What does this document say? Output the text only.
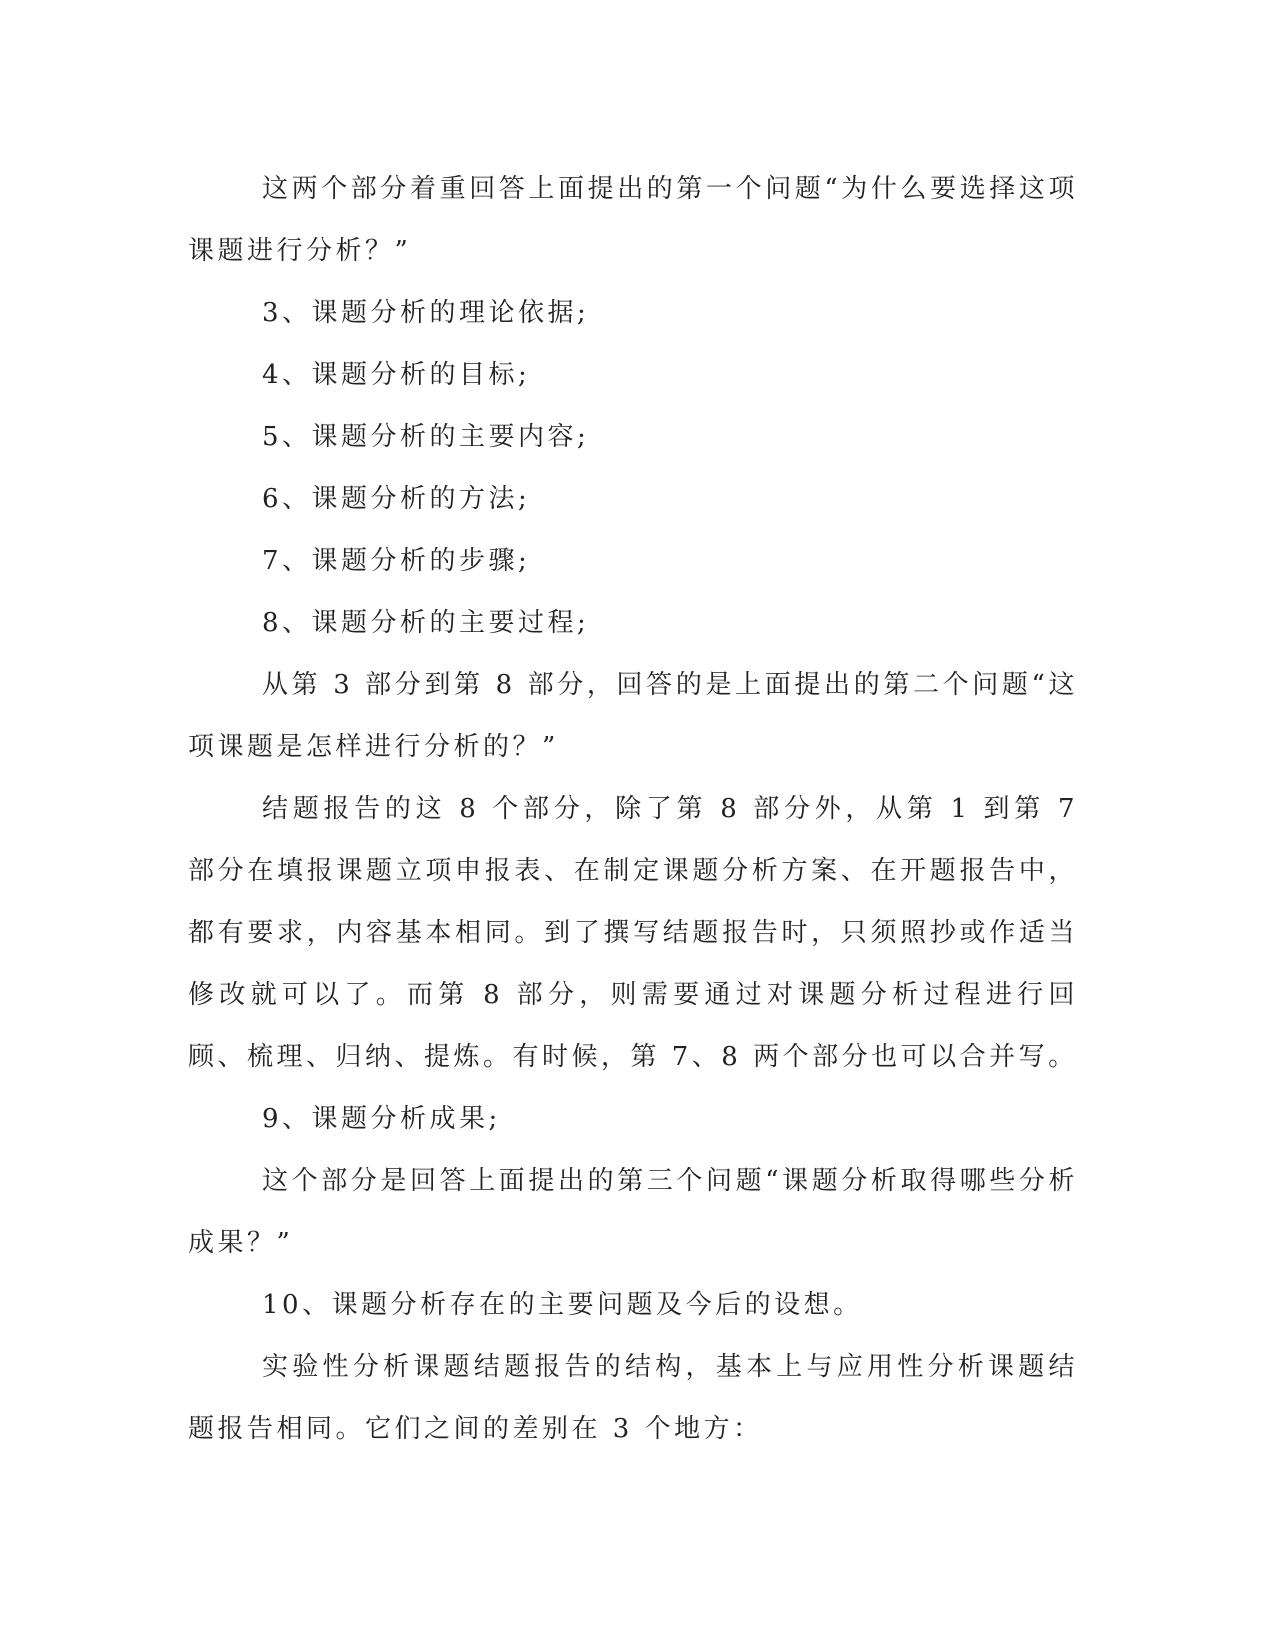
这两个部分着重回答上面提出的第一个问题“为什么要选择这项课题进行分析？”

3、课题分析的理论依据;

4、课题分析的目标;

5、课题分析的主要内容;

6、课题分析的方法;

7、课题分析的步骤;

8、课题分析的主要过程;

从第 3 部分到第 8 部分，回答的是上面提出的第二个问题“这项课题是怎样进行分析的？”

结题报告的这 8 个部分，除了第 8 部分外，从第 1 到第 7 部分在填报课题立项申报表、在制定课题分析方案、在开题报告中，都有要求，内容基本相同。到了撰写结题报告时，只须照抄或作适当修改就可以了。而第 8 部分，则需要通过对课题分析过程进行回顾、梳理、归纳、提炼。有时候，第 7、8 两个部分也可以合并写。

9、课题分析成果;

这个部分是回答上面提出的第三个问题“课题分析取得哪些分析成果？”

10、课题分析存在的主要问题及今后的设想。

实验性分析课题结题报告的结构，基本上与应用性分析课题结题报告相同。它们之间的差别在 3 个地方：
